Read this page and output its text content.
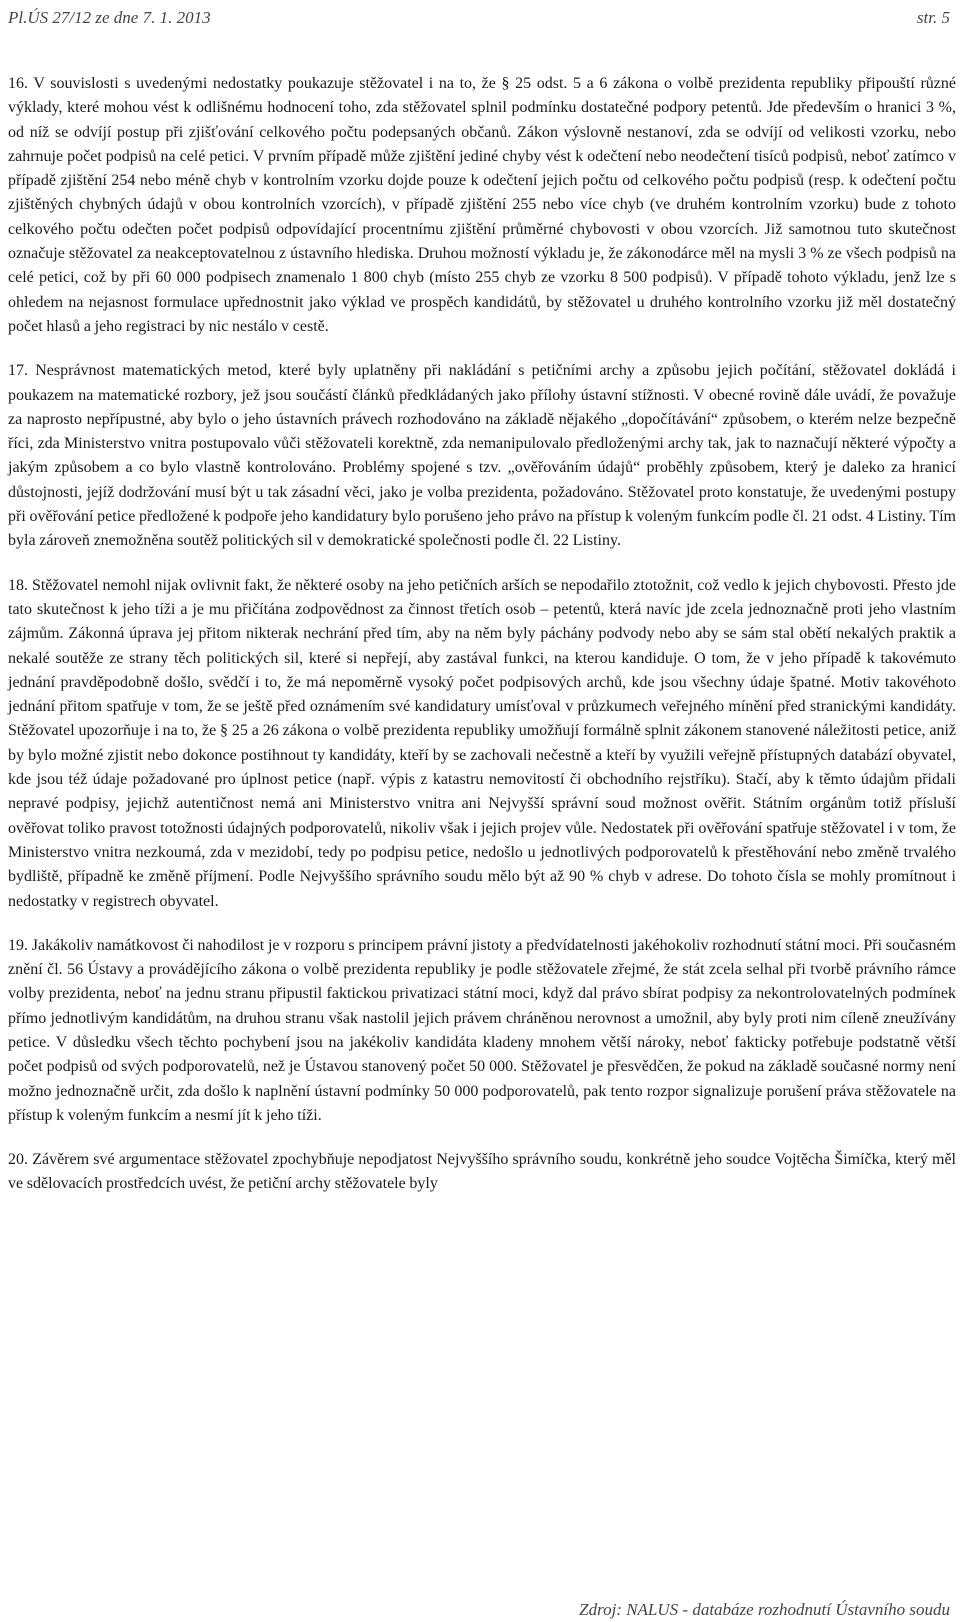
Pl.ÚS 27/12 ze dne 7. 1. 2013	str. 5

16. V souvislosti s uvedenými nedostatky poukazuje stěžovatel i na to, že § 25 odst. 5 a 6 zákona o volbě prezidenta republiky připouští různé výklady, které mohou vést k odlišnému hodnocení toho, zda stěžovatel splnil podmínku dostatečné podpory petentů. Jde především o hranici 3 %, od níž se odvíjí postup při zjišťování celkového počtu podepsaných občanů. Zákon výslovně nestanoví, zda se odvíjí od velikosti vzorku, nebo zahrnuje počet podpisů na celé petici. V prvním případě může zjištění jediné chyby vést k odečtení nebo neodečtení tisíců podpisů, neboť zatímco v případě zjištění 254 nebo méně chyb v kontrolním vzorku dojde pouze k odečtení jejich počtu od celkového počtu podpisů (resp. k odečtení počtu zjištěných chybných údajů v obou kontrolních vzorcích), v případě zjištění 255 nebo více chyb (ve druhém kontrolním vzorku) bude z tohoto celkového počtu odečten počet podpisů odpovídající procentnímu zjištění průměrné chybovosti v obou vzorcích. Již samotnou tuto skutečnost označuje stěžovatel za neakceptovatelnou z ústavního hlediska. Druhou možností výkladu je, že zákonodárce měl na mysli 3 % ze všech podpisů na celé petici, což by při 60 000 podpisech znamenalo 1 800 chyb (místo 255 chyb ze vzorku 8 500 podpisů). V případě tohoto výkladu, jenž lze s ohledem na nejasnost formulace upřednostnit jako výklad ve prospěch kandidátů, by stěžovatel u druhého kontrolního vzorku již měl dostatečný počet hlasů a jeho registraci by nic nestálo v cestě.

17. Nesprávnost matematických metod, které byly uplatněny při nakládání s petičními archy a způsobu jejich počítání, stěžovatel dokládá i poukazem na matematické rozbory, jež jsou součástí článků předkládaných jako přílohy ústavní stížnosti. V obecné rovině dále uvádí, že považuje za naprosto nepřípustné, aby bylo o jeho ústavních právech rozhodováno na základě nějakého „dopočítávání“ způsobem, o kterém nelze bezpečně říci, zda Ministerstvo vnitra postupovalo vůči stěžovateli korektně, zda nemanipulovalo předloženými archy tak, jak to naznačují některé výpočty a jakým způsobem a co bylo vlastně kontrolováno. Problémy spojené s tzv. „ověřováním údajů“ proběhly způsobem, který je daleko za hranicí důstojnosti, jejíž dodržování musí být u tak zásadní věci, jako je volba prezidenta, požadováno. Stěžovatel proto konstatuje, že uvedenými postupy při ověřování petice předložené k podpoře jeho kandidatury bylo porušeno jeho právo na přístup k voleným funkcím podle čl. 21 odst. 4 Listiny. Tím byla zároveň znemožněna soutěž politických sil v demokratické společnosti podle čl. 22 Listiny.

18. Stěžovatel nemohl nijak ovlivnit fakt, že některé osoby na jeho petičních arších se nepodařilo ztotožnit, což vedlo k jejich chybovosti. Přesto jde tato skutečnost k jeho tíži a je mu přičítána zodpovědnost za činnost třetích osob – petentů, která navíc jde zcela jednoznačně proti jeho vlastním zájmům. Zákonná úprava jej přitom nikterak nechrání před tím, aby na něm byly páchány podvody nebo aby se sám stal obětí nekalých praktik a nekalé soutěže ze strany těch politických sil, které si nepřejí, aby zastával funkci, na kterou kandiduje. O tom, že v jeho případě k takovémuto jednání pravděpodobně došlo, svědčí i to, že má nepoměrně vysoký počet podpisových archů, kde jsou všechny údaje špatné. Motiv takovéhoto jednání přitom spatřuje v tom, že se ještě před oznámením své kandidatury umísťoval v průzkumech veřejného mínění před stranickými kandidáty. Stěžovatel upozorňuje i na to, že § 25 a 26 zákona o volbě prezidenta republiky umožňují formálně splnit zákonem stanovené náležitosti petice, aniž by bylo možné zjistit nebo dokonce postihnout ty kandidáty, kteří by se zachovali nečestně a kteří by využili veřejně přístupných databází obyvatel, kde jsou též údaje požadované pro úplnost petice (např. výpis z katastru nemovitostí či obchodního rejstříku). Stačí, aby k těmto údajům přidali nepravé podpisy, jejichž autentičnost nemá ani Ministerstvo vnitra ani Nejvyšší správní soud možnost ověřit. Státním orgánům totiž přísluší ověřovat toliko pravost totožnosti údajných podporovatelů, nikoliv však i jejich projev vůle. Nedostatek při ověřování spatřuje stěžovatel i v tom, že Ministerstvo vnitra nezkoumá, zda v mezidobí, tedy po podpisu petice, nedošlo u jednotlivých podporovatelů k přestěhování nebo změně trvalého bydliště, případně ke změně příjmení. Podle Nejvyššího správního soudu mělo být až 90 % chyb v adrese. Do tohoto čísla se mohly promítnout i nedostatky v registrech obyvatel.

19. Jakákoliv namátkovost či nahodilost je v rozporu s principem právní jistoty a předvídatelnosti jakéhokoliv rozhodnutí státní moci. Při současném znění čl. 56 Ústavy a provádějícího zákona o volbě prezidenta republiky je podle stěžovatele zřejmé, že stát zcela selhal při tvorbě právního rámce volby prezidenta, neboť na jednu stranu připustil faktickou privatizaci státní moci, když dal právo sbírat podpisy za nekontrolovatelných podmínek přímo jednotlivým kandidátům, na druhou stranu však nastolil jejich právem chráněnou nerovnost a umožnil, aby byly proti nim cíleně zneužívány petice. V důsledku všech těchto pochybení jsou na jakékoliv kandidáta kladeny mnohem větší nároky, neboť fakticky potřebuje podstatně větší počet podpisů od svých podporovatelů, než je Ústavou stanovený počet 50 000. Stěžovatel je přesvědčen, že pokud na základě současné normy není možno jednoznačně určit, zda došlo k naplnění ústavní podmínky 50 000 podporovatelů, pak tento rozpor signalizuje porušení práva stěžovatele na přístup k voleným funkcím a nesmí jít k jeho tíži.

20. Závěrem své argumentace stěžovatel zpochybňuje nepodjatost Nejvyššího správního soudu, konkrétně jeho soudce Vojtěcha Šimíčka, který měl ve sdělovacích prostředcích uvést, že petiční archy stěžovatele byly

Zdroj: NALUS - databáze rozhodnutí Ústavního soudu
